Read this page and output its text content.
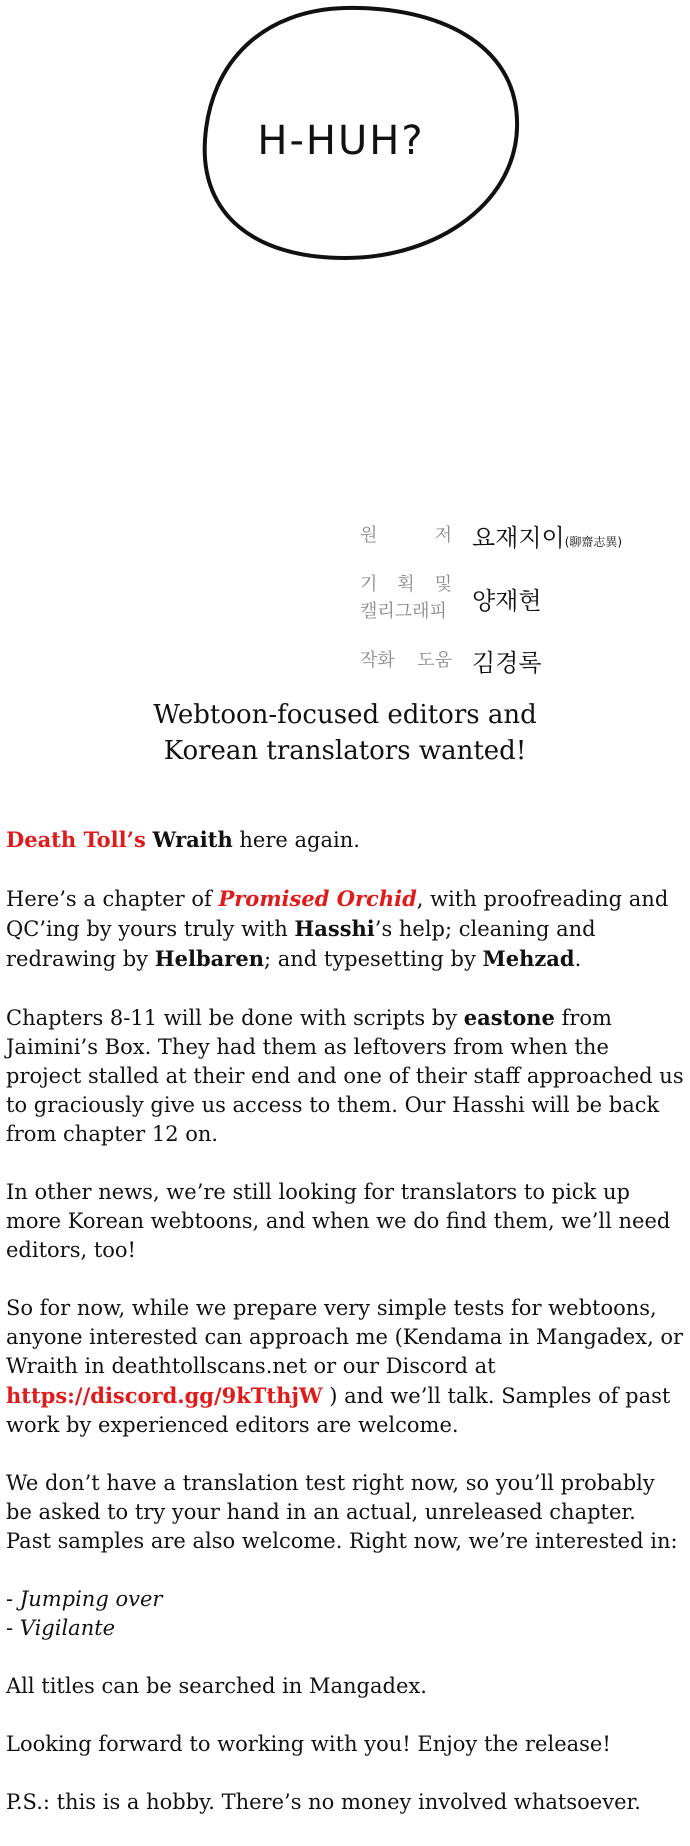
H-HUH?
원 저 요재지이(聊齋志異)
기 획 및
캘리그래피 양재현
작화 도움 김경록
Webtoon-focused editors and
Korean translators wanted!

Death Toll’s Wraith here again.

Here’s a chapter of Promised Orchid, with proofreading and QC’ing by yours truly with Hasshi’s help; cleaning and redrawing by Helbaren; and typesetting by Mehzad.

Chapters 8-11 will be done with scripts by eastone from Jaimini’s Box. They had them as leftovers from when the project stalled at their end and one of their staff approached us to graciously give us access to them. Our Hasshi will be back from chapter 12 on.

In other news, we’re still looking for translators to pick up more Korean webtoons, and when we do find them, we’ll need editors, too!

So for now, while we prepare very simple tests for webtoons, anyone interested can approach me (Kendama in Mangadex, or Wraith in deathtollscans.net or our Discord at https://discord.gg/9kTthjW ) and we’ll talk. Samples of past work by experienced editors are welcome.

We don’t have a translation test right now, so you’ll probably be asked to try your hand in an actual, unreleased chapter. Past samples are also welcome. Right now, we’re interested in:

- Jumping over
- Vigilante

All titles can be searched in Mangadex.

Looking forward to working with you! Enjoy the release!

P.S.: this is a hobby. There’s no money involved whatsoever.
